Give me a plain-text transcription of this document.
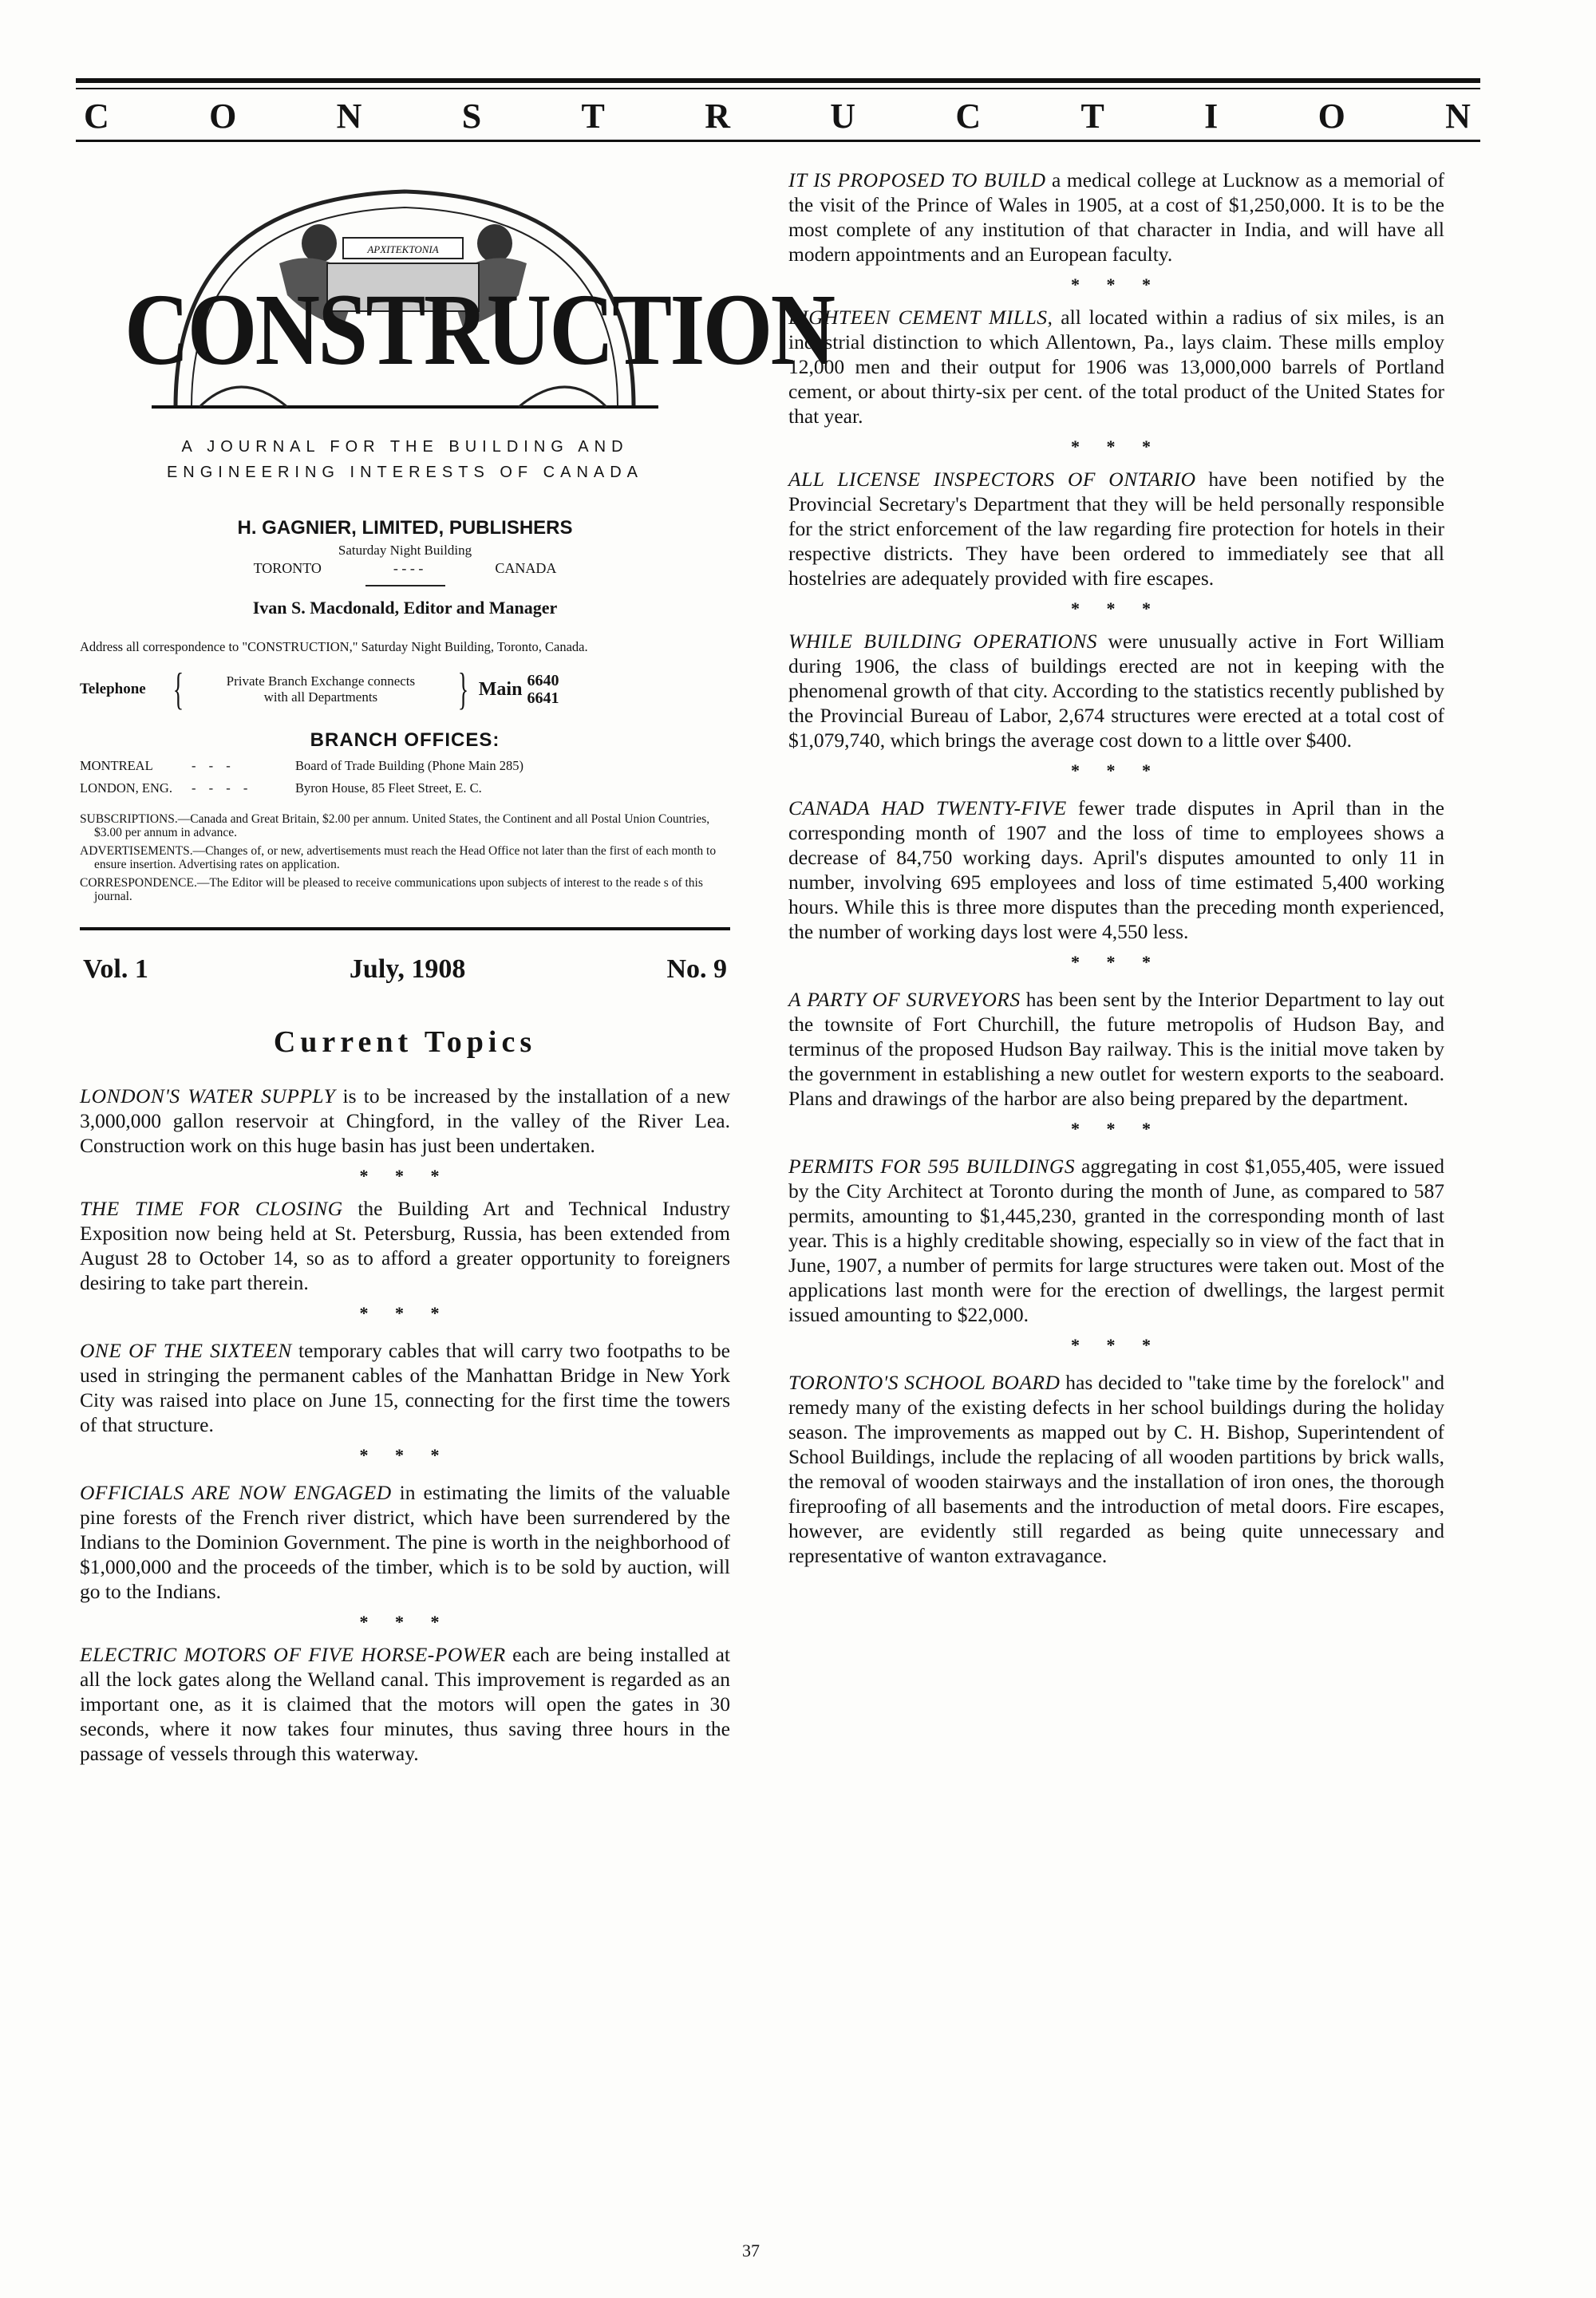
C	O	N	S	T	R	U	C	T	I	O	N
ΑΡΧΙΤΕΚΤΟΝΙΑ
CONSTRUCTION
A JOURNAL FOR THE BUILDING AND
ENGINEERING INTERESTS OF CANADA
H. GAGNIER, LIMITED, PUBLISHERS
Saturday Night Building
TORONTO	- - - -	CANADA
Ivan S. Macdonald, Editor and Manager
Address all correspondence to "CONSTRUCTION," Saturday Night Building, Toronto, Canada.
Telephone {	Private Branch Exchange connects
with all Departments	} Main 6640
6641
BRANCH OFFICES:
MONTREAL	- - -	Board of Trade Building (Phone Main 285)
LONDON, ENG.	- - - -	Byron House, 85 Fleet Street, E. C.
SUBSCRIPTIONS.—Canada and Great Britain, $2.00 per annum. United States, the Continent and all Postal Union Countries, $3.00 per annum in advance.
ADVERTISEMENTS.—Changes of, or new, advertisements must reach the Head Office not later than the first of each month to ensure insertion. Advertising rates on application.
CORRESPONDENCE.—The Editor will be pleased to receive communications upon subjects of interest to the reade s of this journal.
Vol. 1	July, 1908	No. 9
Current Topics
LONDON'S WATER SUPPLY is to be increased by the installation of a new 3,000,000 gallon reservoir at Chingford, in the valley of the River Lea. Construction work on this huge basin has just been undertaken.
* * *
THE TIME FOR CLOSING the Building Art and Technical Industry Exposition now being held at St. Petersburg, Russia, has been extended from August 28 to October 14, so as to afford a greater opportunity to foreigners desiring to take part therein.
* * *
ONE OF THE SIXTEEN temporary cables that will carry two footpaths to be used in stringing the permanent cables of the Manhattan Bridge in New York City was raised into place on June 15, connecting for the first time the towers of that structure.
* * *
OFFICIALS ARE NOW ENGAGED in estimating the limits of the valuable pine forests of the French river district, which have been surrendered by the Indians to the Dominion Government. The pine is worth in the neighborhood of $1,000,000 and the proceeds of the timber, which is to be sold by auction, will go to the Indians.
* * *
ELECTRIC MOTORS OF FIVE HORSE-POWER each are being installed at all the lock gates along the Welland canal. This improvement is regarded as an important one, as it is claimed that the motors will open the gates in 30 seconds, where it now takes four minutes, thus saving three hours in the passage of vessels through this waterway.
IT IS PROPOSED TO BUILD a medical college at Lucknow as a memorial of the visit of the Prince of Wales in 1905, at a cost of $1,250,000. It is to be the most complete of any institution of that character in India, and will have all modern appointments and an European faculty.
* * *
EIGHTEEN CEMENT MILLS, all located within a radius of six miles, is an industrial distinction to which Allentown, Pa., lays claim. These mills employ 12,000 men and their output for 1906 was 13,000,000 barrels of Portland cement, or about thirty-six per cent. of the total product of the United States for that year.
* * *
ALL LICENSE INSPECTORS OF ONTARIO have been notified by the Provincial Secretary's Department that they will be held personally responsible for the strict enforcement of the law regarding fire protection for hotels in their respective districts. They have been ordered to immediately see that all hostelries are adequately provided with fire escapes.
* * *
WHILE BUILDING OPERATIONS were unusually active in Fort William during 1906, the class of buildings erected are not in keeping with the phenomenal growth of that city. According to the statistics recently published by the Provincial Bureau of Labor, 2,674 structures were erected at a total cost of $1,079,740, which brings the average cost down to a little over $400.
* * *
CANADA HAD TWENTY-FIVE fewer trade disputes in April than in the corresponding month of 1907 and the loss of time to employees shows a decrease of 84,750 working days. April's disputes amounted to only 11 in number, involving 695 employees and loss of time estimated 5,400 working hours. While this is three more disputes than the preceding month experienced, the number of working days lost were 4,550 less.
* * *
A PARTY OF SURVEYORS has been sent by the Interior Department to lay out the townsite of Fort Churchill, the future metropolis of Hudson Bay, and terminus of the proposed Hudson Bay railway. This is the initial move taken by the government in establishing a new outlet for western exports to the seaboard. Plans and drawings of the harbor are also being prepared by the department.
* * *
PERMITS FOR 595 BUILDINGS aggregating in cost $1,055,405, were issued by the City Architect at Toronto during the month of June, as compared to 587 permits, amounting to $1,445,230, granted in the corresponding month of last year. This is a highly creditable showing, especially so in view of the fact that in June, 1907, a number of permits for large structures were taken out. Most of the applications last month were for the erection of dwellings, the largest permit issued amounting to $22,000.
* * *
TORONTO'S SCHOOL BOARD has decided to "take time by the forelock" and remedy many of the existing defects in her school buildings during the holiday season. The improvements as mapped out by C. H. Bishop, Superintendent of School Buildings, include the replacing of all wooden partitions by brick walls, the removal of wooden stairways and the installation of iron ones, the thorough fireproofing of all basements and the introduction of metal doors. Fire escapes, however, are evidently still regarded as being quite unnecessary and representative of wanton extravagance.
37
